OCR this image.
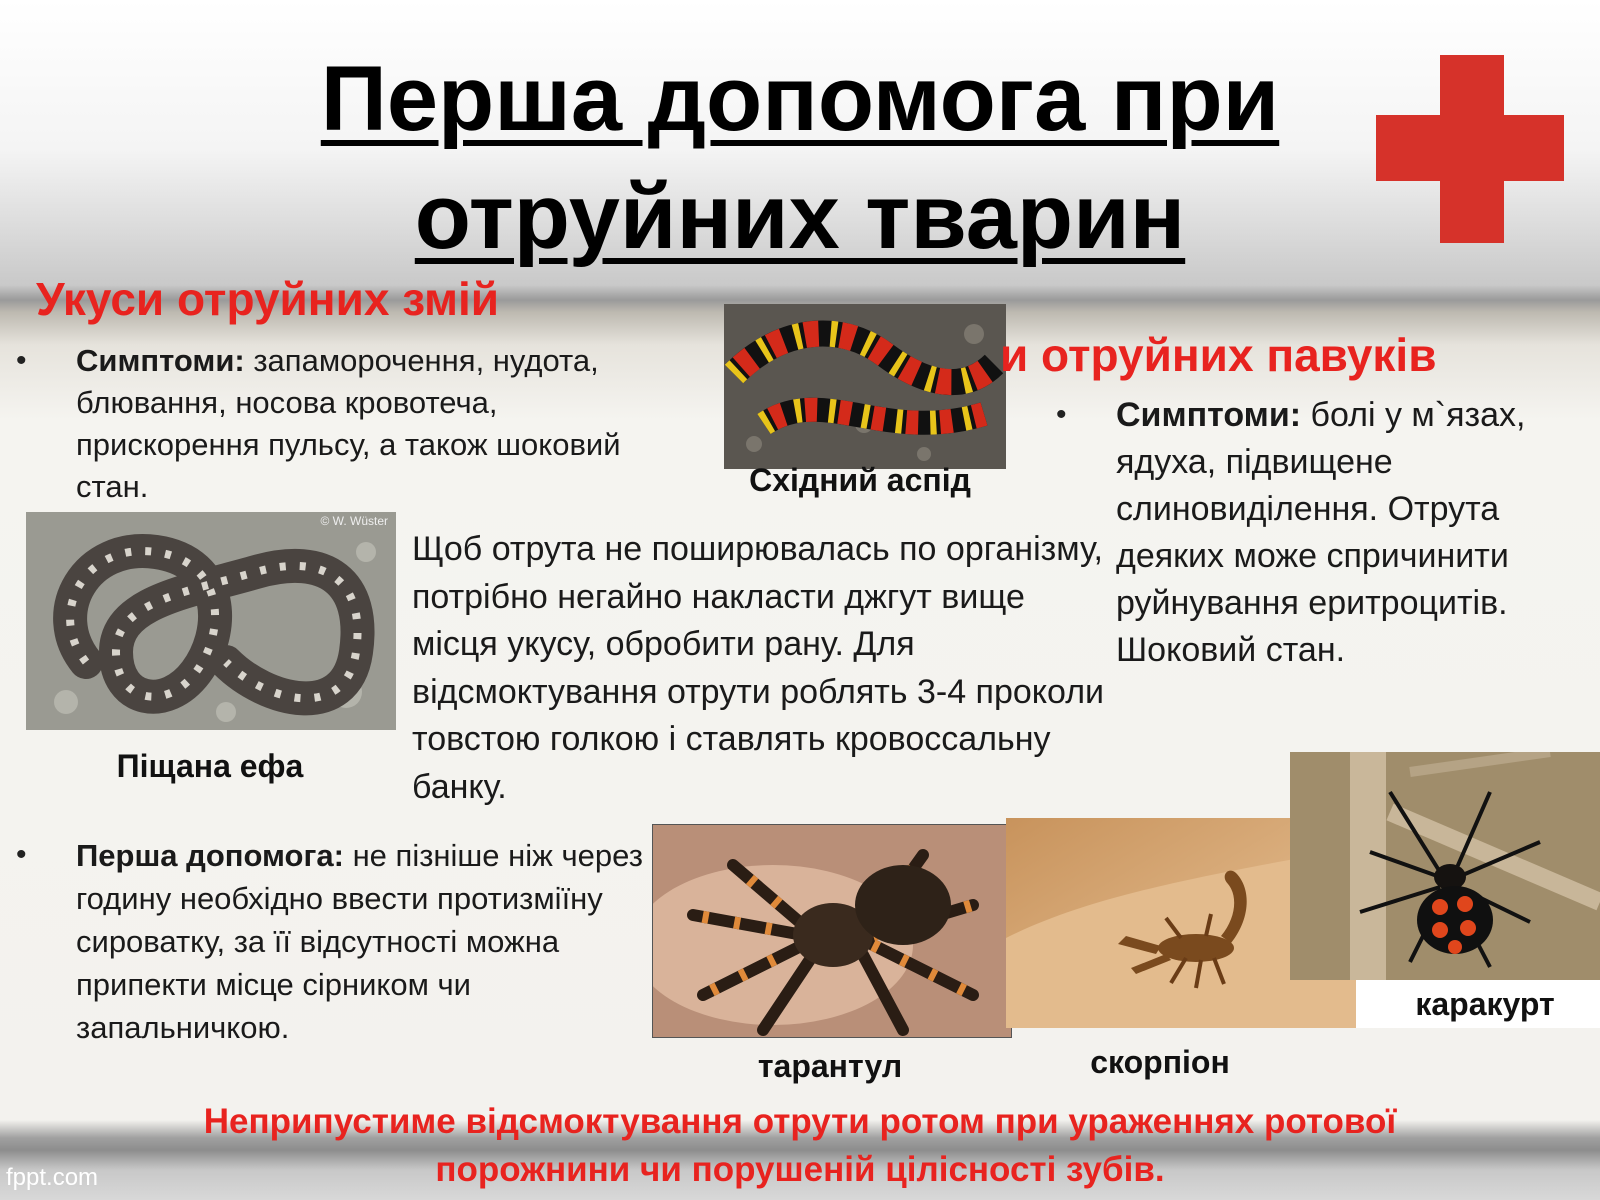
Перша допомога при
отруйних тварин
Укуси отруйних змій
• Симптоми: запаморочення, нудота, блювання, носова кровотеча, прискорення пульсу, а також шоковий стан.	Східний аспід
и отруйних павуків
• Симптоми: болі у м`язах, ядуха, підвищене слиновиділення. Отрута деяких може спричинити руйнування еритроцитів. Шоковий стан.
© W. Wüster
Піщана ефа
Щоб отрута не поширювалась по організму, потрібно негайно накласти джгут вище місця укусу, обробити рану. Для відсмоктування отрути роблять 3-4 проколи товстою голкою і ставлять кровоссальну банку.
• Перша допомога: не пізніше ніж через годину необхідно ввести протизміїну сироватку, за її відсутності можна припекти місце сірником чи запальничкою.
тарантул	скорпіон
каракурт
Неприпустиме відсмоктування отрути ротом при ураженнях ротової порожнини чи порушеній цілісності зубів.
fppt.com
